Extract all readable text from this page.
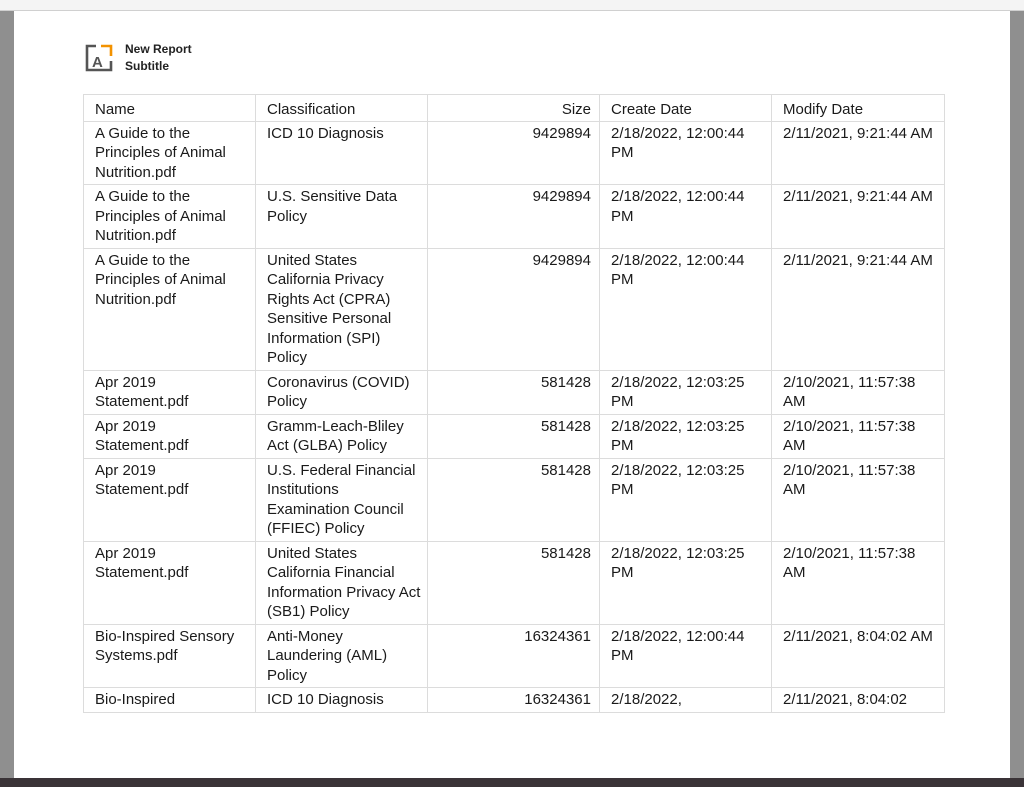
A
New Report
Subtitle
Name	Classification	Size	Create Date	Modify Date
A Guide to the Principles of Animal Nutrition.pdf	ICD 10 Diagnosis	9429894	2/18/2022, 12:00:44 PM	2/11/2021, 9:21:44 AM
A Guide to the Principles of Animal Nutrition.pdf	U.S. Sensitive Data Policy	9429894	2/18/2022, 12:00:44 PM	2/11/2021, 9:21:44 AM
A Guide to the Principles of Animal Nutrition.pdf	United States California Privacy Rights Act (CPRA) Sensitive Personal Information (SPI) Policy	9429894	2/18/2022, 12:00:44 PM	2/11/2021, 9:21:44 AM
Apr 2019 Statement.pdf	Coronavirus (COVID) Policy	581428	2/18/2022, 12:03:25 PM	2/10/2021, 11:57:38 AM
Apr 2019 Statement.pdf	Gramm-Leach-Bliley Act (GLBA) Policy	581428	2/18/2022, 12:03:25 PM	2/10/2021, 11:57:38 AM
Apr 2019 Statement.pdf	U.S. Federal Financial Institutions Examination Council (FFIEC) Policy	581428	2/18/2022, 12:03:25 PM	2/10/2021, 11:57:38 AM
Apr 2019 Statement.pdf	United States California Financial Information Privacy Act (SB1) Policy	581428	2/18/2022, 12:03:25 PM	2/10/2021, 11:57:38 AM
Bio-Inspired Sensory Systems.pdf	Anti-Money Laundering (AML) Policy	16324361	2/18/2022, 12:00:44 PM	2/11/2021, 8:04:02 AM
Bio-Inspired	ICD 10 Diagnosis	16324361	2/18/2022,	2/11/2021, 8:04:02
